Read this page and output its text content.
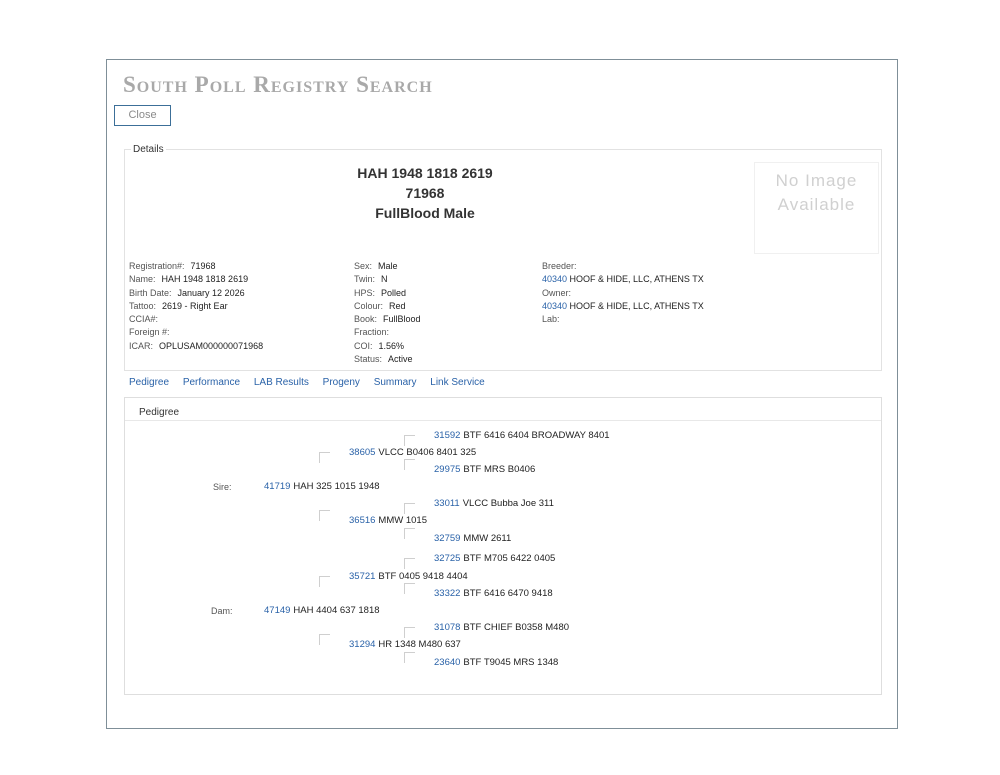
South Poll Registry Search
Close
Details
HAH 1948 1818 2619
71968
FullBlood Male
No Image Available
Registration#: 71968
Name: HAH 1948 1818 2619
Birth Date: January 12 2026
Tattoo: 2619 - Right Ear
CCIA#:
Foreign #:
ICAR: OPLUSAM000000071968
Sex: Male
Twin: N
HPS: Polled
Colour: Red
Book: FullBlood
Fraction:
COI: 1.56%
Status: Active
Breeder:
40340 HOOF & HIDE, LLC, ATHENS TX
Owner:
40340 HOOF & HIDE, LLC, ATHENS TX
Lab:
Pedigree Performance LAB Results Progeny Summary Link Service
Pedigree
31592 BTF 6416 6404 BROADWAY 8401
38605 VLCC B0406 8401 325
29975 BTF MRS B0406
41719 HAH 325 1015 1948
33011 VLCC Bubba Joe 311
36516 MMW 1015
32759 MMW 2611
32725 BTF M705 6422 0405
35721 BTF 0405 9418 4404
33322 BTF 6416 6470 9418
47149 HAH 4404 637 1818
31078 BTF CHIEF B0358 M480
31294 HR 1348 M480 637
23640 BTF T9045 MRS 1348
Sire:
Dam:
